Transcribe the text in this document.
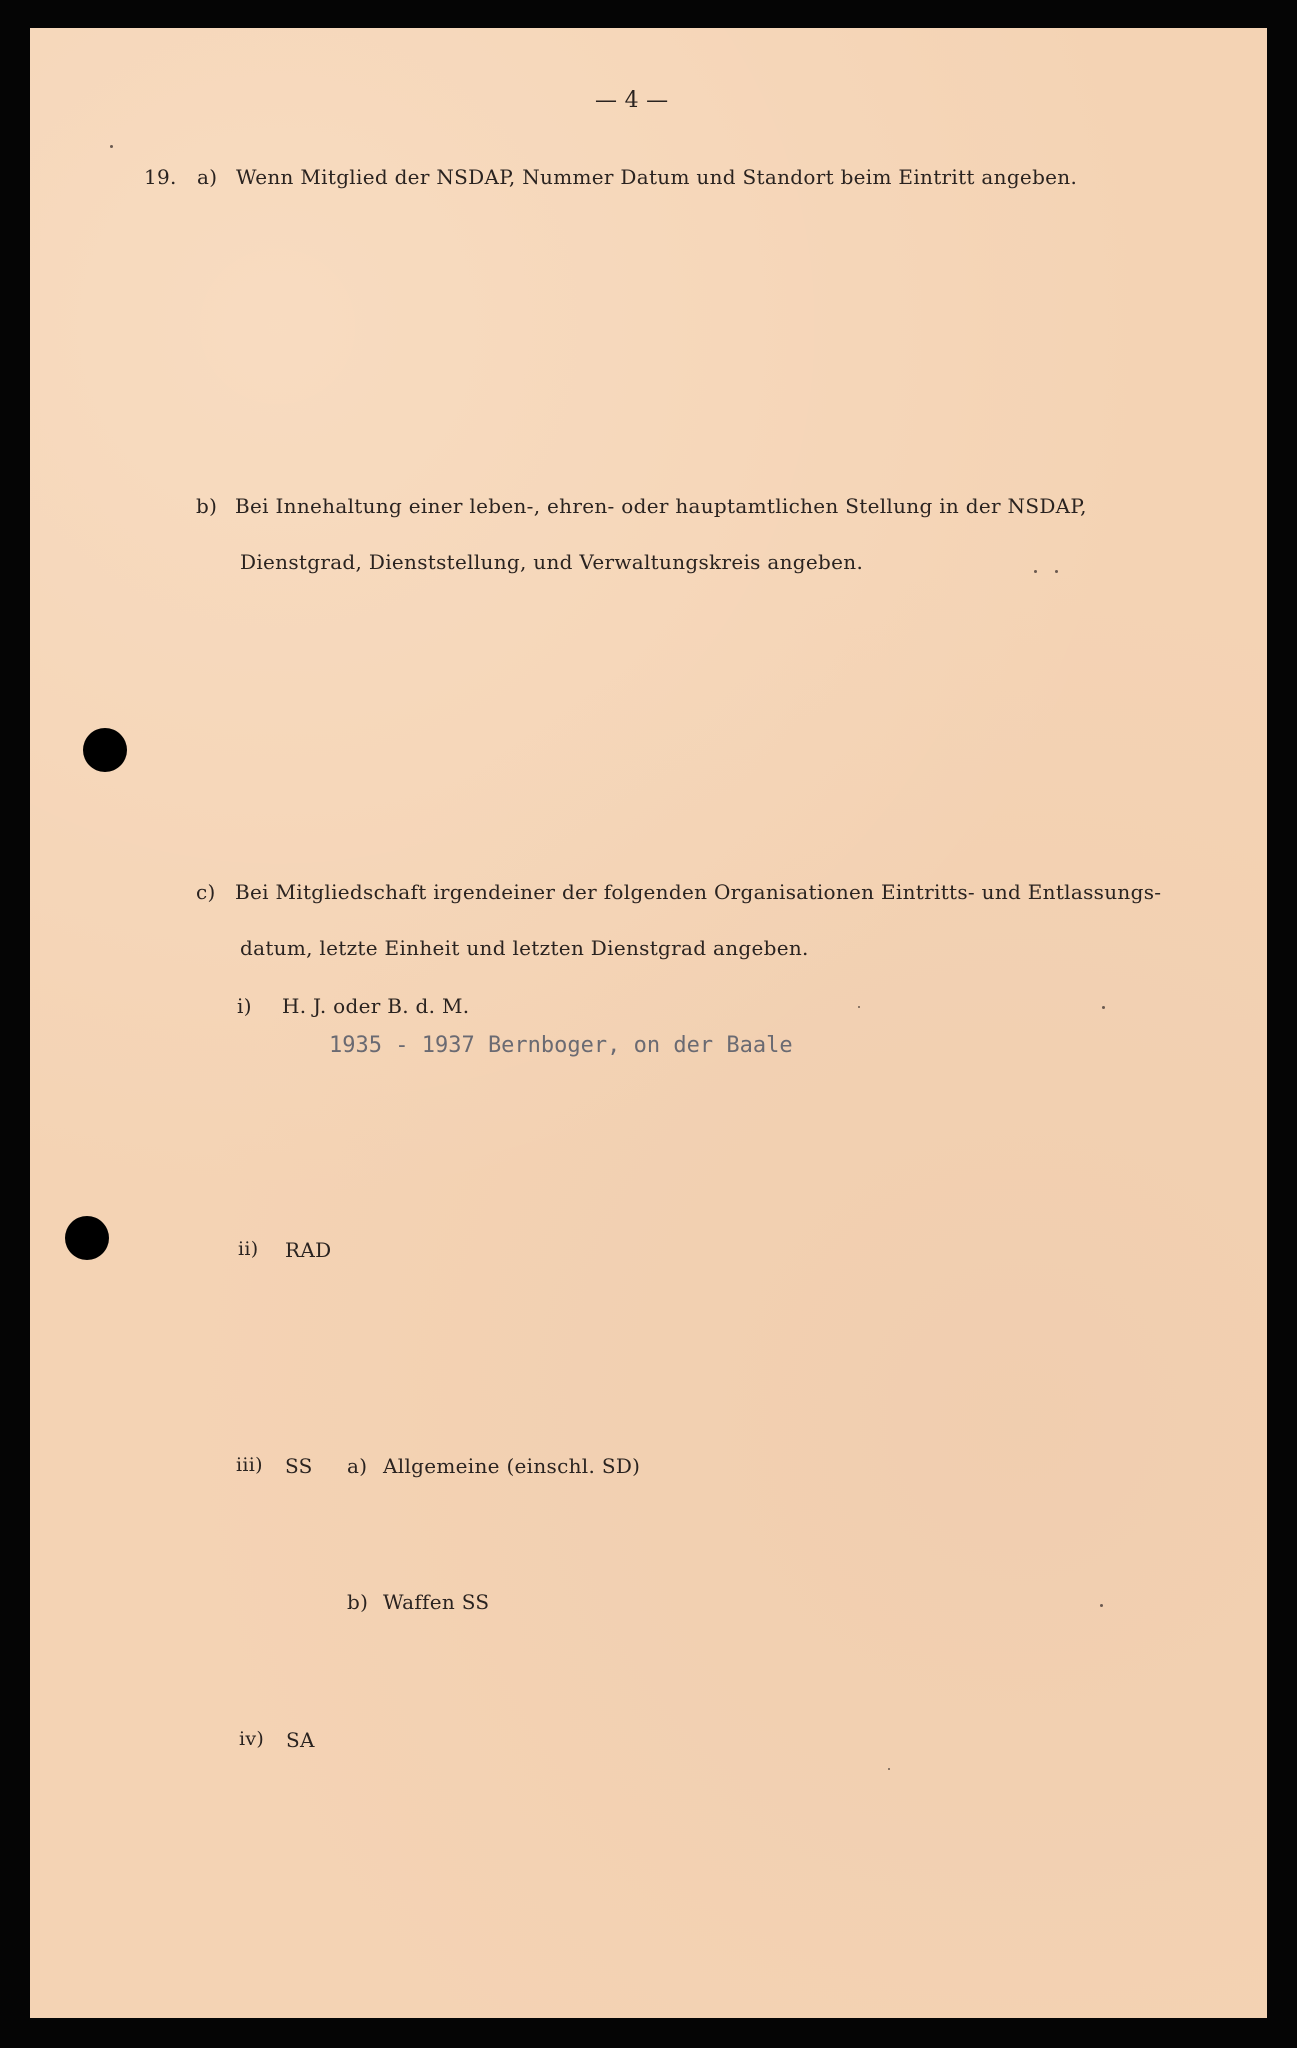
— 4 —
19. a) Wenn Mitglied der NSDAP, Nummer Datum und Standort beim Eintritt angeben.
b) Bei Innehaltung einer leben-, ehren- oder hauptamtlichen Stellung in der NSDAP,
Dienstgrad, Dienststellung, und Verwaltungskreis angeben.
c) Bei Mitgliedschaft irgendeiner der folgenden Organisationen Eintritts- und Entlassungs-
datum, letzte Einheit und letzten Dienstgrad angeben.
i) H. J. oder B. d. M.
1935 - 1937 Bernboger, on der Baale
ii) RAD
iii) SS a) Allgemeine (einschl. SD)
b) Waffen SS
iv) SA
